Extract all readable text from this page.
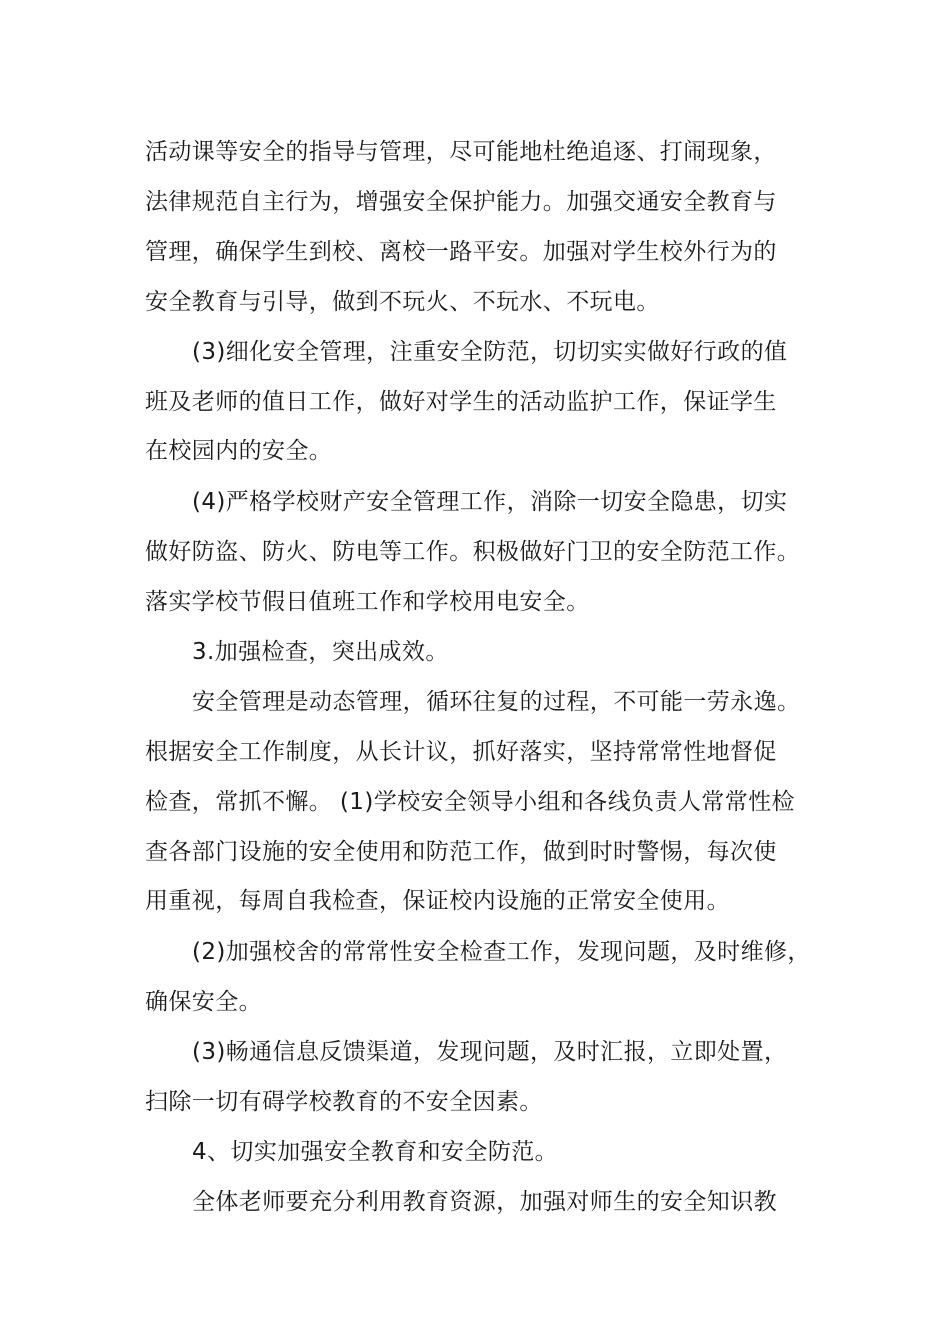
活动课等安全的指导与管理，尽可能地杜绝追逐、打闹现象，
法律规范自主行为，增强安全保护能力。加强交通安全教育与
管理，确保学生到校、离校一路平安。加强对学生校外行为的
安全教育与引导，做到不玩火、不玩水、不玩电。
(3)细化安全管理，注重安全防范，切切实实做好行政的值
班及老师的值日工作，做好对学生的活动监护工作，保证学生
在校园内的安全。
(4)严格学校财产安全管理工作，消除一切安全隐患，切实
做好防盗、防火、防电等工作。积极做好门卫的安全防范工作。
落实学校节假日值班工作和学校用电安全。
3.加强检查，突出成效。
安全管理是动态管理，循环往复的过程，不可能一劳永逸。
根据安全工作制度，从长计议，抓好落实，坚持常常性地督促
检查，常抓不懈。 (1)学校安全领导小组和各线负责人常常性检
查各部门设施的安全使用和防范工作，做到时时警惕，每次使
用重视，每周自我检查，保证校内设施的正常安全使用。
(2)加强校舍的常常性安全检查工作，发现问题，及时维修，
确保安全。
(3)畅通信息反馈渠道，发现问题，及时汇报，立即处置，
扫除一切有碍学校教育的不安全因素。
4、切实加强安全教育和安全防范。
全体老师要充分利用教育资源，加强对师生的安全知识教
